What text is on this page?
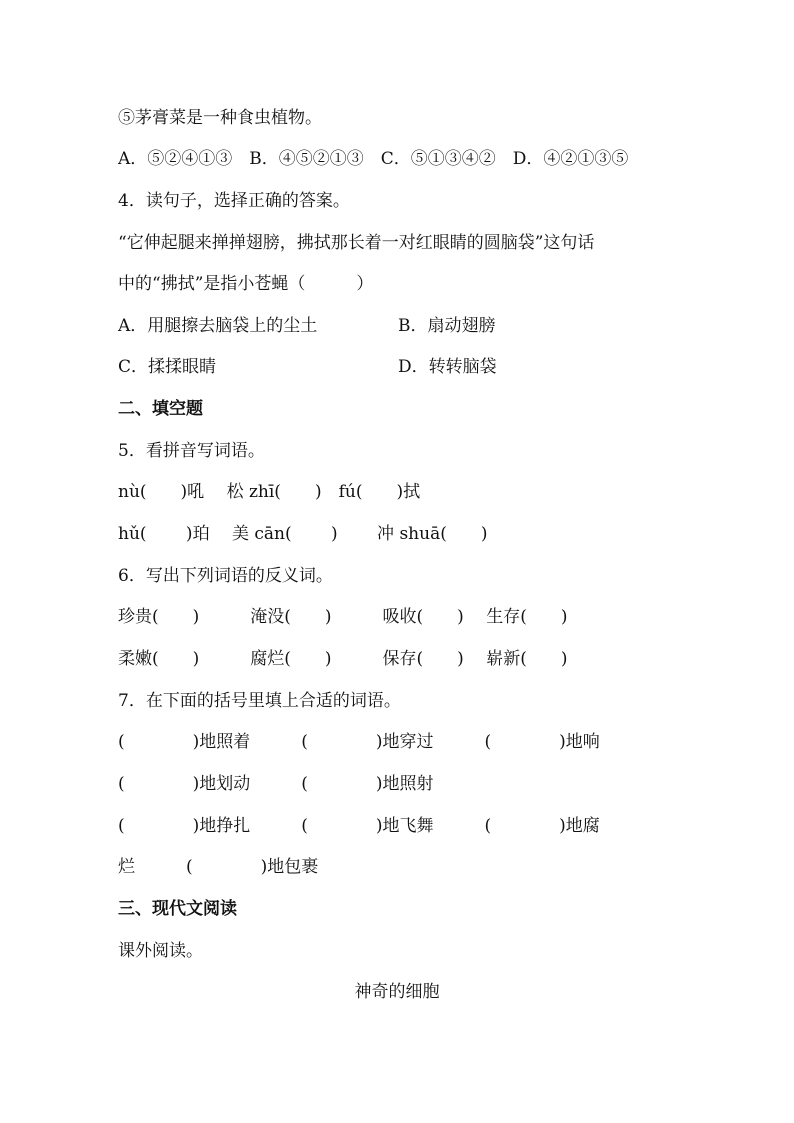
⑤茅膏菜是一种食虫植物。
A．⑤②④①③　B．④⑤②①③　C．⑤①③④②　D．④②①③⑤
4．读句子，选择正确的答案。
“它伸起腿来掸掸翅膀，拂拭那长着一对红眼睛的圆脑袋”这句话
中的“拂拭”是指小苍蝇（　　　）
A．用腿擦去脑袋上的尘土	B．扇动翅膀
C．揉揉眼睛	D．转转脑袋
二、填空题
5．看拼音写词语。
nù(　　)吼　 松 zhī(　　)　fú(　　)拭
hǔ(　　 )珀　 美 cān(　　 )　　 冲 shuā(　　)
6．写出下列词语的反义词。
珍贵(　　)　　　淹没(　　)　　　吸收(　　)　 生存(　　)
柔嫩(　　)　　　腐烂(　　)　　　保存(　　)　 崭新(　　)
7．在下面的括号里填上合适的词语。
(　　　　)地照着　　　(　　　　)地穿过　　　(　　　　)地响
(　　　　)地划动　　　(　　　　)地照射
(　　　　)地挣扎　　　(　　　　)地飞舞　　　(　　　　)地腐
烂　　　(　　　　)地包裹
三、现代文阅读
课外阅读。
神奇的细胞
